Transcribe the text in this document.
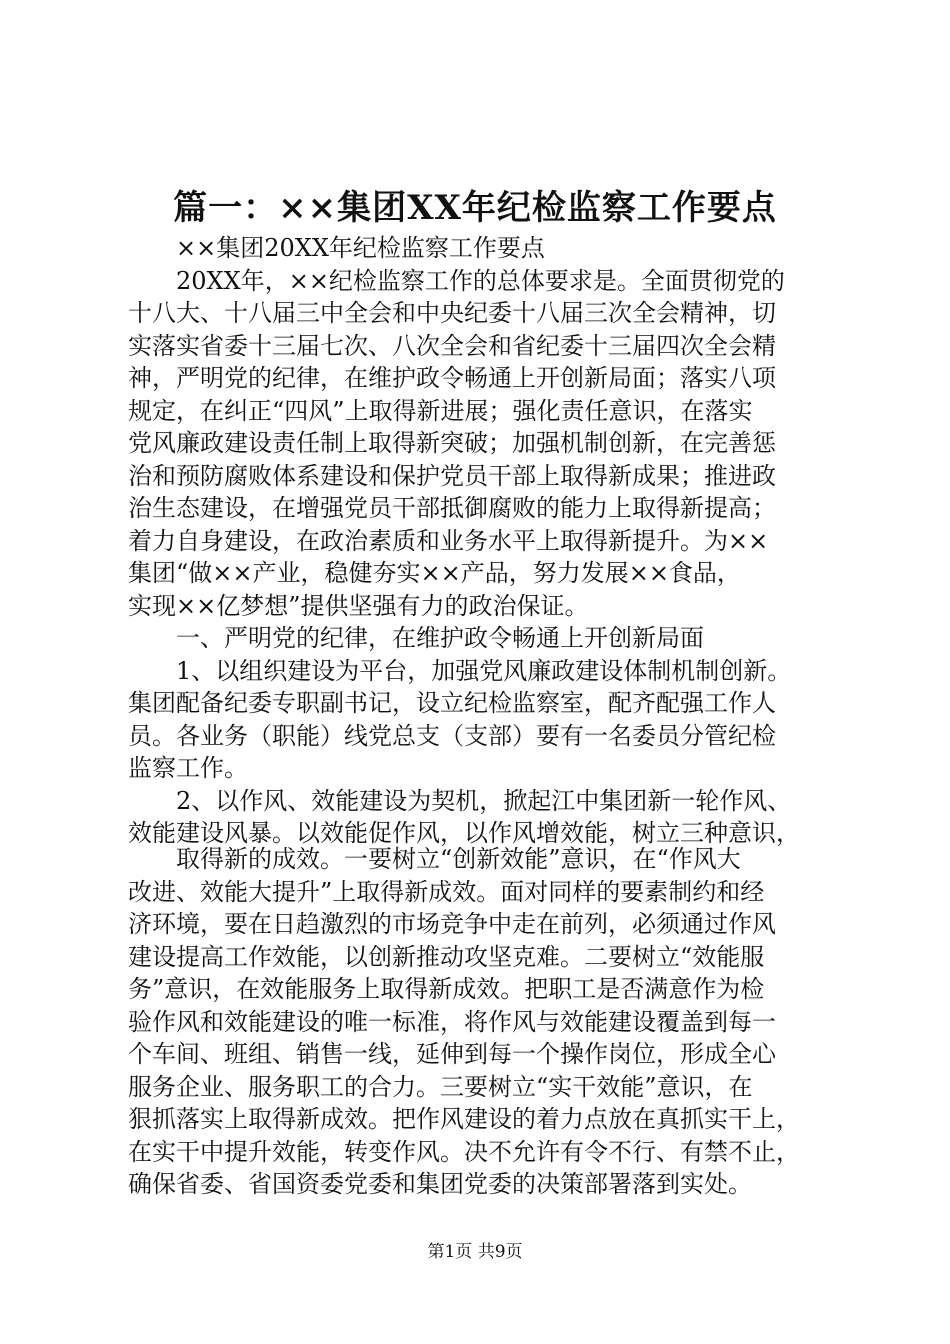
篇一：××集团XX年纪检监察工作要点
××集团20XX年纪检监察工作要点
20XX年，××纪检监察工作的总体要求是。全面贯彻党的
十八大、十八届三中全会和中央纪委十八届三次全会精神，切
实落实省委十三届七次、八次全会和省纪委十三届四次全会精
神，严明党的纪律，在维护政令畅通上开创新局面；落实八项
规定，在纠正“四风”上取得新进展；强化责任意识，在落实
党风廉政建设责任制上取得新突破；加强机制创新，在完善惩
治和预防腐败体系建设和保护党员干部上取得新成果；推进政
治生态建设，在增强党员干部抵御腐败的能力上取得新提高；
着力自身建设，在政治素质和业务水平上取得新提升。为××
集团“做××产业，稳健夯实××产品，努力发展××食品，
实现××亿梦想”提供坚强有力的政治保证。
一、严明党的纪律，在维护政令畅通上开创新局面
1、以组织建设为平台，加强党风廉政建设体制机制创新。
集团配备纪委专职副书记，设立纪检监察室，配齐配强工作人
员。各业务（职能）线党总支（支部）要有一名委员分管纪检
监察工作。
2、以作风、效能建设为契机，掀起江中集团新一轮作风、
效能建设风暴。以效能促作风，以作风增效能，树立三种意识，
取得新的成效。一要树立“创新效能”意识，在“作风大
改进、效能大提升”上取得新成效。面对同样的要素制约和经
济环境，要在日趋激烈的市场竞争中走在前列，必须通过作风
建设提高工作效能，以创新推动攻坚克难。二要树立“效能服
务”意识，在效能服务上取得新成效。把职工是否满意作为检
验作风和效能建设的唯一标准，将作风与效能建设覆盖到每一
个车间、班组、销售一线，延伸到每一个操作岗位，形成全心
服务企业、服务职工的合力。三要树立“实干效能”意识，在
狠抓落实上取得新成效。把作风建设的着力点放在真抓实干上，
在实干中提升效能，转变作风。决不允许有令不行、有禁不止，
确保省委、省国资委党委和集团党委的决策部署落到实处。
第1页 共9页
